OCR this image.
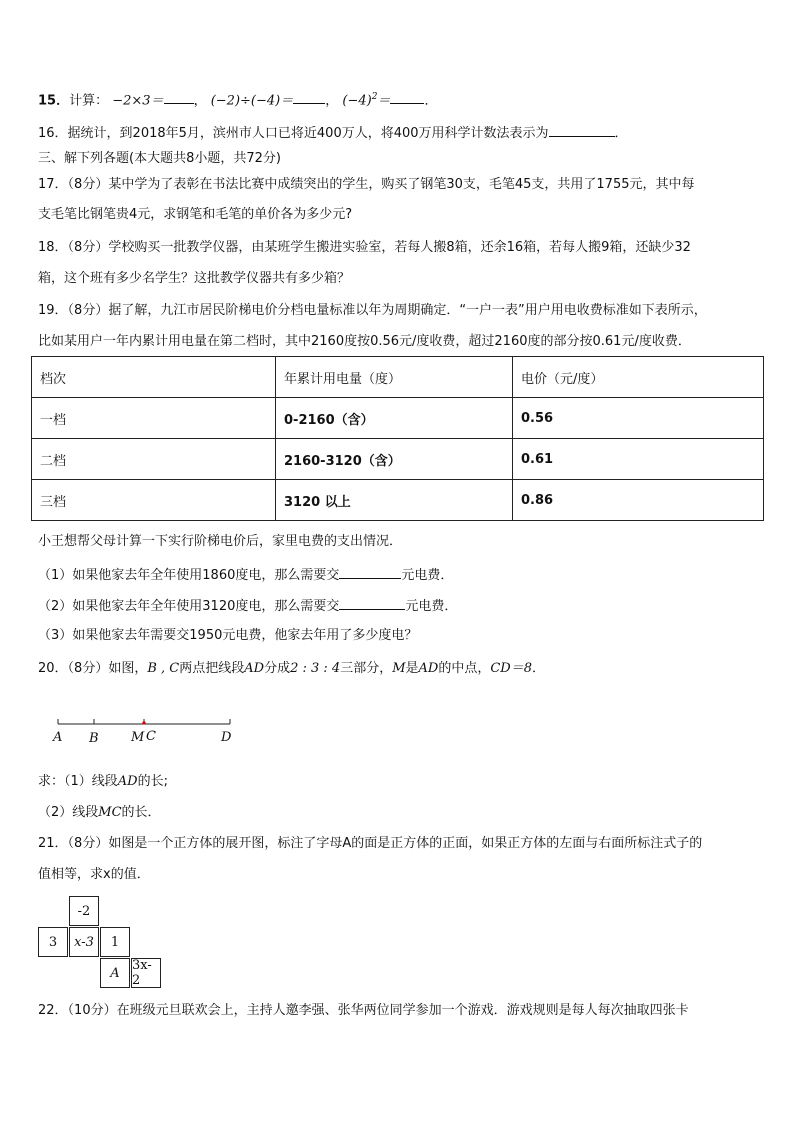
15．计算： −2×3＝ ， (−2)÷(−4)＝ ， $(-4)^2=$	．
16．据统计，到2018年5月，滨州市人口已将近400万人，将400万用科学计数法表示为	．
三、解下列各题(本大题共8小题，共72分)
17．（8分）某中学为了表彰在书法比赛中成绩突出的学生，购买了钢笔30支，毛笔45支，共用了1755元，其中每
支毛笔比钢笔贵4元，求钢笔和毛笔的单价各为多少元?
18．（8分）学校购买一批教学仪器，由某班学生搬进实验室，若每人搬8箱，还余16箱，若每人搬9箱，还缺少32
箱，这个班有多少名学生？这批教学仪器共有多少箱？
19．（8分）据了解，九江市居民阶梯电价分档电量标准以年为周期确定．“一户一表”用户用电收费标准如下表所示，
比如某用户一年内累计用电量在第二档时，其中2160度按0.56元/度收费，超过2160度的部分按0.61元/度收费．
档次	年累计用电量（度）	电价（元/度）
一档	0-2160（含）	0.56
二档	2160-3120（含）	0.61
三档	3120 以上	0.86
小王想帮父母计算一下实行阶梯电价后，家里电费的支出情况．
（1）如果他家去年全年使用1860度电，那么需要交	元电费．
（2）如果他家去年全年使用3120度电，那么需要交	元电费．
（3）如果他家去年需要交1950元电费，他家去年用了多少度电？
20．（8分）如图，B , C两点把线段AD分成2 : 3 : 4三部分，M是AD的中点，CD＝8．
A B M C	D
求：（1）线段AD的长;
（2）线段MC的长．
21．（8分）如图是一个正方体的展开图，标注了字母A的面是正方体的正面，如果正方体的左面与右面所标注式子的
值相等，求x的值．
-2
3	x-3	1
A 3x-2
22．（10分）在班级元旦联欢会上，主持人邀李强、张华两位同学参加一个游戏．游戏规则是每人每次抽取四张卡
